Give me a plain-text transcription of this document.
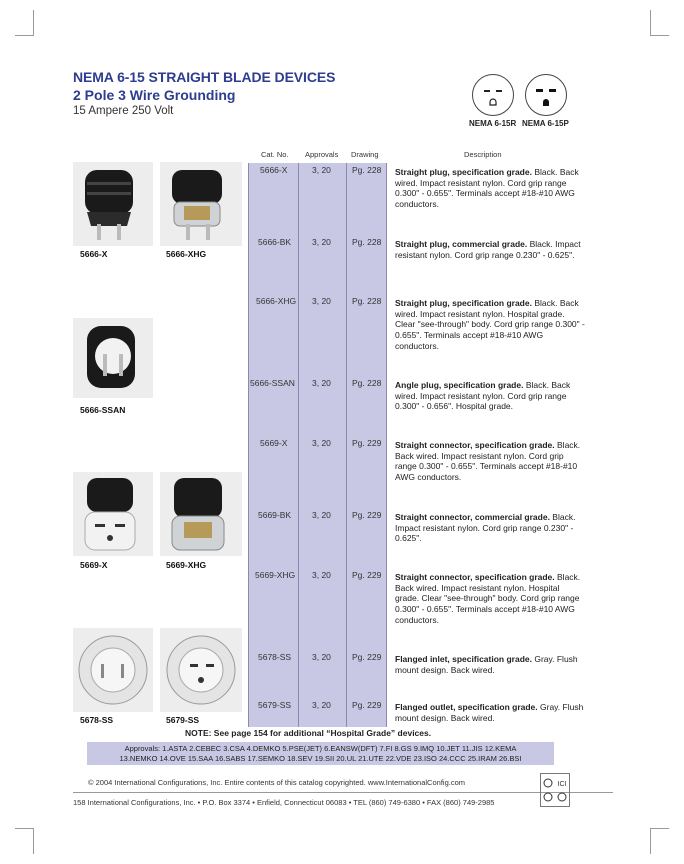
NEMA 6-15 STRAIGHT BLADE DEVICES
2 Pole 3 Wire Grounding
15 Ampere 250 Volt
NEMA 6-15R NEMA 6-15P
Cat. No. Approvals Drawing	Description
5666-X	3, 20 Pg. 228 Straight plug, specification grade. Black. Back wired. Impact resistant nylon. Cord grip range 0.300" - 0.655". Terminals accept #18-#10 AWG conductors.
5666-BK 3, 20 Pg. 228 Straight plug, commercial grade. Black. Impact resistant nylon. Cord grip range 0.230" - 0.625".
5666-XHG 3, 20 Pg. 228 Straight plug, specification grade. Black. Back wired. Impact resistant nylon. Hospital grade. Clear "see-through" body. Cord grip range 0.300" - 0.655". Terminals accept #18-#10 AWG conductors.
5666-SSAN 3, 20 Pg. 228 Angle plug, specification grade. Black. Back wired. Impact resistant nylon. Cord grip range 0.300" - 0.656". Hospital grade.
5669-X	3, 20 Pg. 229 Straight connector, specification grade. Black. Back wired. Impact resistant nylon. Cord grip range 0.300" - 0.655". Terminals accept #18-#10 AWG conductors.
5669-BK 3, 20 Pg. 229 Straight connector, commercial grade. Black. Impact resistant nylon. Cord grip range 0.230" - 0.625".
5669-XHG 3, 20 Pg. 229 Straight connector, specification grade. Black. Back wired. Impact resistant nylon. Hospital grade. Clear "see-through" body. Cord grip range 0.300" - 0.655". Terminals accept #18-#10 AWG conductors.
5678-SS 3, 20 Pg. 229 Flanged inlet, specification grade. Gray. Flush mount design. Back wired.
5679-SS 3, 20 Pg. 229 Flanged outlet, specification grade. Gray. Flush mount design. Back wired.
5666-X	5666-XHG
5666-SSAN
5669-X	5669-XHG
5678-SS	5679-SS
NOTE: See page 154 for additional “Hospital Grade” devices.
Approvals: 1.ASTA 2.CEBEC 3.CSA 4.DEMKO 5.PSE(JET) 6.EANSW(DFT) 7.FI 8.GS 9.IMQ 10.JET 11.JIS 12.KEMA
13.NEMKO 14.OVE 15.SAA 16.SABS 17.SEMKO 18.SEV 19.SII 20.UL 21.UTE 22.VDE 23.ISO 24.CCC 25.IRAM 26.BSI
© 2004 International Configurations, Inc. Entire contents of this catalog copyrighted. www.InternationalConfig.com
158 International Configurations, Inc. • P.O. Box 3374 • Enfield, Connecticut 06083 • TEL (860) 749-6380 • FAX (860) 749-2985
ICI
